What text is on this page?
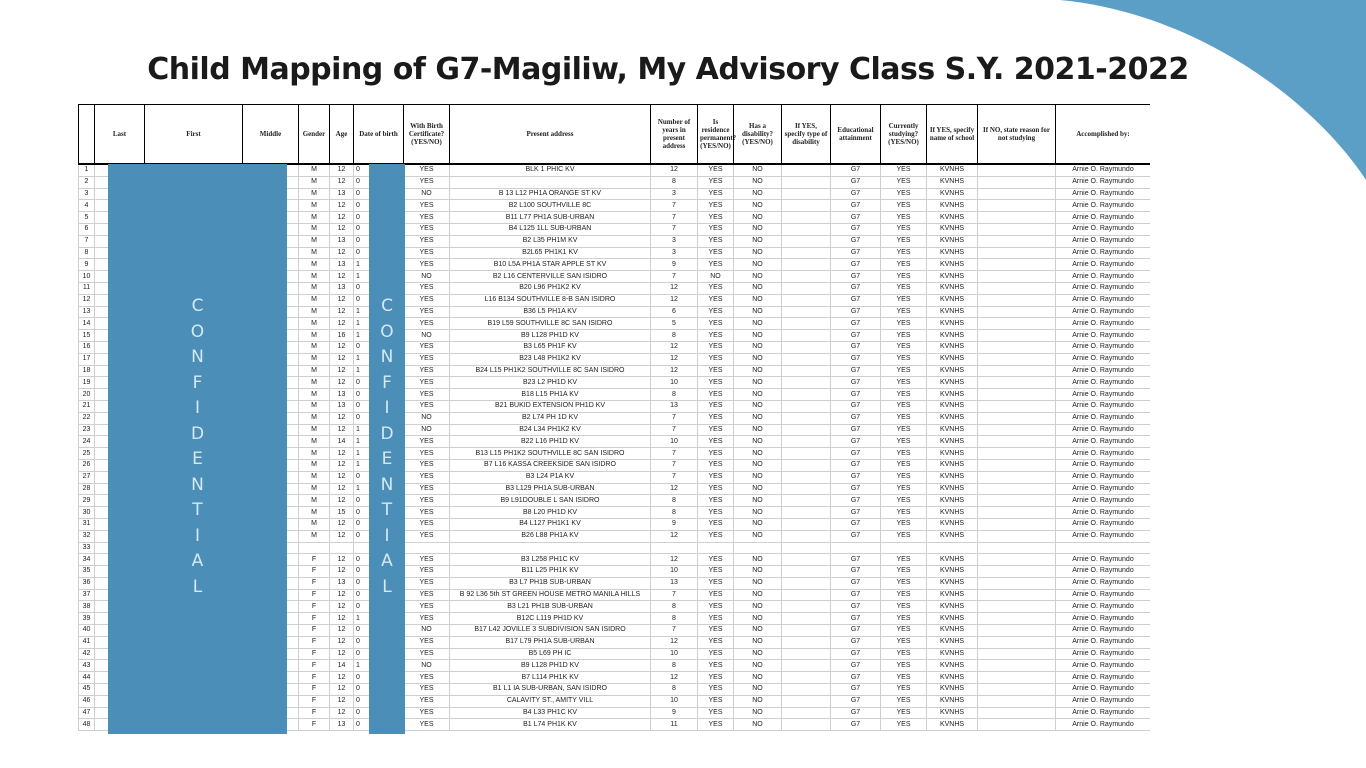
Child Mapping of G7-Magiliw, My Advisory Class S.Y. 2021-2022
	Last	First	Middle	Gender	Age	Date of birth	With Birth Certificate? (YES/NO)	Present address	Number of years in present address	Is residence permanent? (YES/NO)	Has a disability? (YES/NO)	If YES, specify type of disability	Educational attainment	Currently studying? (YES/NO)	If YES, specify name of school	If NO, state reason for not studying	Accomplished by:
1				M	12	0	YES	BLK 1 PHIC KV	12	YES	NO		G7	YES	KVNHS		Arnie O. Raymundo
2				M	12	0	YES		8	YES	NO		G7	YES	KVNHS		Arnie O. Raymundo
3				M	13	0	NO	B 13 L12 PH1A ORANGE ST KV	3	YES	NO		G7	YES	KVNHS		Arnie O. Raymundo
4				M	12	0	YES	B2 L100 SOUTHVILLE 8C	7	YES	NO		G7	YES	KVNHS		Arnie O. Raymundo
5				M	12	0	YES	B11 L77 PH1A SUB-URBAN	7	YES	NO		G7	YES	KVNHS		Arnie O. Raymundo
6				M	12	0	YES	B4 L125 1LL SUB-URBAN	7	YES	NO		G7	YES	KVNHS		Arnie O. Raymundo
7				M	13	0	YES	B2 L35 PH1M KV	3	YES	NO		G7	YES	KVNHS		Arnie O. Raymundo
8				M	12	0	YES	B2L65 PH1K1 KV	3	YES	NO		G7	YES	KVNHS		Arnie O. Raymundo
9				M	13	1	YES	B10 L5A PH1A STAR APPLE ST KV	9	YES	NO		G7	YES	KVNHS		Arnie O. Raymundo
10				M	12	1	NO	B2 L16 CENTERVILLE SAN ISIDRO	7	NO	NO		G7	YES	KVNHS		Arnie O. Raymundo
11				M	13	0	YES	B20 L96 PH1K2 KV	12	YES	NO		G7	YES	KVNHS		Arnie O. Raymundo
12				M	12	0	YES	L16 B134 SOUTHVILLE 8-B SAN ISIDRO	12	YES	NO		G7	YES	KVNHS		Arnie O. Raymundo
13				M	12	1	YES	B36 L5 PH1A KV	6	YES	NO		G7	YES	KVNHS		Arnie O. Raymundo
14				M	12	1	YES	B19 L59 SOUTHVILLE 8C SAN ISIDRO	5	YES	NO		G7	YES	KVNHS		Arnie O. Raymundo
15				M	16	1	NO	B9 L128 PH1D KV	8	YES	NO		G7	YES	KVNHS		Arnie O. Raymundo
16				M	12	0	YES	B3 L65 PH1F KV	12	YES	NO		G7	YES	KVNHS		Arnie O. Raymundo
17				M	12	1	YES	B23 L48 PH1K2 KV	12	YES	NO		G7	YES	KVNHS		Arnie O. Raymundo
18				M	12	1	YES	B24 L15 PH1K2 SOUTHVILLE 8C SAN ISIDRO	12	YES	NO		G7	YES	KVNHS		Arnie O. Raymundo
19				M	12	0	YES	B23 L2 PH1D KV	10	YES	NO		G7	YES	KVNHS		Arnie O. Raymundo
20				M	13	0	YES	B18 L15 PH1A KV	8	YES	NO		G7	YES	KVNHS		Arnie O. Raymundo
21				M	13	0	YES	B21 BUKID EXTENSION PH1D KV	13	YES	NO		G7	YES	KVNHS		Arnie O. Raymundo
22				M	12	0	NO	B2 L74 PH 1D KV	7	YES	NO		G7	YES	KVNHS		Arnie O. Raymundo
23				M	12	1	NO	B24 L34 PH1K2 KV	7	YES	NO		G7	YES	KVNHS		Arnie O. Raymundo
24				M	14	1	YES	B22 L16 PH1D KV	10	YES	NO		G7	YES	KVNHS		Arnie O. Raymundo
25				M	12	1	YES	B13 L15 PH1K2 SOUTHVILLE 8C SAN ISIDRO	7	YES	NO		G7	YES	KVNHS		Arnie O. Raymundo
26				M	12	1	YES	B7 L16 KASSA CREEKSIDE SAN ISIDRO	7	YES	NO		G7	YES	KVNHS		Arnie O. Raymundo
27				M	12	0	YES	B3 L24 P1A KV	7	YES	NO		G7	YES	KVNHS		Arnie O. Raymundo
28				M	12	1	YES	B3 L129 PH1A SUB-URBAN	12	YES	NO		G7	YES	KVNHS		Arnie O. Raymundo
29				M	12	0	YES	B9 L91DOUBLE L SAN ISIDRO	8	YES	NO		G7	YES	KVNHS		Arnie O. Raymundo
30				M	15	0	YES	B8 L20 PH1D KV	8	YES	NO		G7	YES	KVNHS		Arnie O. Raymundo
31				M	12	0	YES	B4 L127 PH1K1 KV	9	YES	NO		G7	YES	KVNHS		Arnie O. Raymundo
32				M	12	0	YES	B26 L88 PH1A KV	12	YES	NO		G7	YES	KVNHS		Arnie O. Raymundo
33						

34				F	12	0	YES	B3 L258 PH1C KV	12	YES	NO		G7	YES	KVNHS		Arnie O. Raymundo
35				F	12	0	YES	B11 L25 PH1K KV	10	YES	NO		G7	YES	KVNHS		Arnie O. Raymundo
36				F	13	0	YES	B3 L7 PH1B SUB-URBAN	13	YES	NO		G7	YES	KVNHS		Arnie O. Raymundo
37				F	12	0	YES	B 92 L36 5th ST GREEN HOUSE METRO MANILA HILLS	7	YES	NO		G7	YES	KVNHS		Arnie O. Raymundo
38				F	12	0	YES	B3 L21 PH1B SUB-URBAN	8	YES	NO		G7	YES	KVNHS		Arnie O. Raymundo
39				F	12	1	YES	B12C L119 PH1D KV	8	YES	NO		G7	YES	KVNHS		Arnie O. Raymundo
40				F	12	0	NO	B17 L42 JOVILLE 3 SUBDIVISION SAN ISIDRO	7	YES	NO		G7	YES	KVNHS		Arnie O. Raymundo
41				F	12	0	YES	B17 L79 PH1A SUB-URBAN	12	YES	NO		G7	YES	KVNHS		Arnie O. Raymundo
42				F	12	0	YES	B5 L69 PH IC	10	YES	NO		G7	YES	KVNHS		Arnie O. Raymundo
43				F	14	1	NO	B9 L128 PH1D KV	8	YES	NO		G7	YES	KVNHS		Arnie O. Raymundo
44				F	12	0	YES	B7 L114 PH1K KV	12	YES	NO		G7	YES	KVNHS		Arnie O. Raymundo
45				F	12	0	YES	B1 L1 IA SUB-URBAN, SAN ISIDRO	8	YES	NO		G7	YES	KVNHS		Arnie O. Raymundo
46				F	12	0	YES	CALAVITY ST., AMITY VILL	10	YES	NO		G7	YES	KVNHS		Arnie O. Raymundo
47				F	12	0	YES	B4 L33 PH1C KV	9	YES	NO		G7	YES	KVNHS		Arnie O. Raymundo
48				F	13	0	YES	B1 L74 PH1K KV	11	YES	NO		G7	YES	KVNHS		Arnie O. Raymundo
C
O
N
F
I
D
E
N
T
I
A
L
C
O
N
F
I
D
E
N
T
I
A
L
